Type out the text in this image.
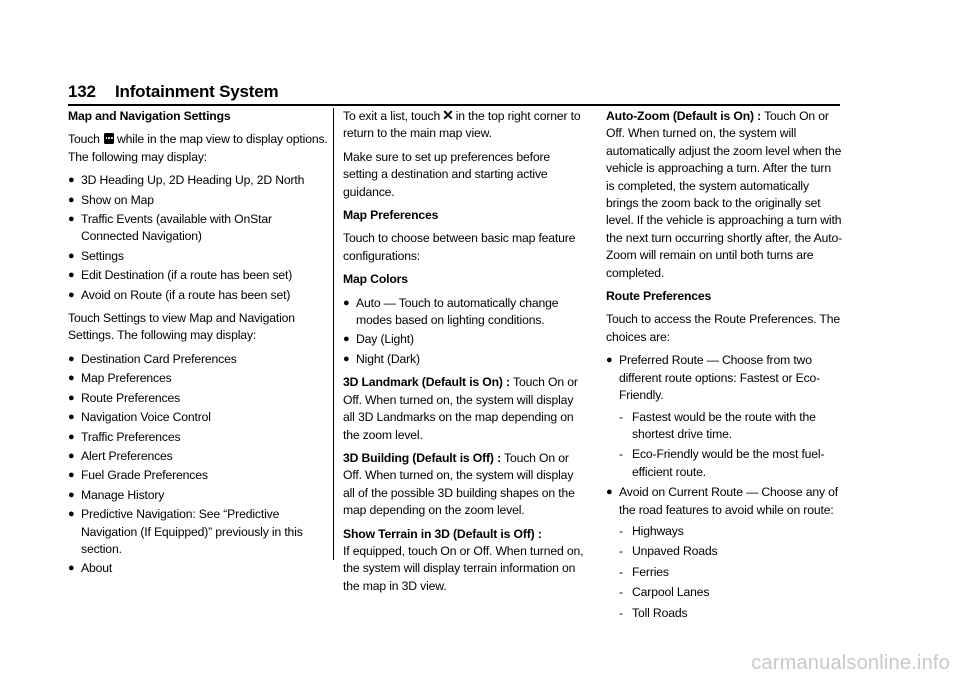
132 Infotainment System

Map and Navigation Settings

Touch while in the map view to display options. The following may display:

● 3D Heading Up, 2D Heading Up, 2D North
● Show on Map
● Traffic Events (available with OnStar Connected Navigation)
● Settings
● Edit Destination (if a route has been set)
● Avoid on Route (if a route has been set)

Touch Settings to view Map and Navigation Settings. The following may display:

● Destination Card Preferences
● Map Preferences
● Route Preferences
● Navigation Voice Control
● Traffic Preferences
● Alert Preferences
● Fuel Grade Preferences
● Manage History
● Predictive Navigation: See “Predictive Navigation (If Equipped)” previously in this section.
● About

To exit a list, touch ✕ in the top right corner to return to the main map view.

Make sure to set up preferences before setting a destination and starting active guidance.

Map Preferences

Touch to choose between basic map feature configurations:

Map Colors

● Auto — Touch to automatically change modes based on lighting conditions.
● Day (Light)
● Night (Dark)

3D Landmark (Default is On) : Touch On or Off. When turned on, the system will display all 3D Landmarks on the map depending on the zoom level.

3D Building (Default is Off) : Touch On or Off. When turned on, the system will display all of the possible 3D building shapes on the map depending on the zoom level.

Show Terrain in 3D (Default is Off) :
If equipped, touch On or Off. When turned on, the system will display terrain information on the map in 3D view.

Auto-Zoom (Default is On) : Touch On or Off. When turned on, the system will automatically adjust the zoom level when the vehicle is approaching a turn. After the turn is completed, the system automatically brings the zoom back to the originally set level. If the vehicle is approaching a turn with the next turn occurring shortly after, the Auto-Zoom will remain on until both turns are completed.

Route Preferences

Touch to access the Route Preferences. The choices are:

● Preferred Route — Choose from two different route options: Fastest or Eco-Friendly.
- Fastest would be the route with the shortest drive time.
- Eco-Friendly would be the most fuel-efficient route.
● Avoid on Current Route — Choose any of the road features to avoid while on route:
- Highways
- Unpaved Roads
- Ferries
- Carpool Lanes
- Toll Roads
carmanualsonline.info
